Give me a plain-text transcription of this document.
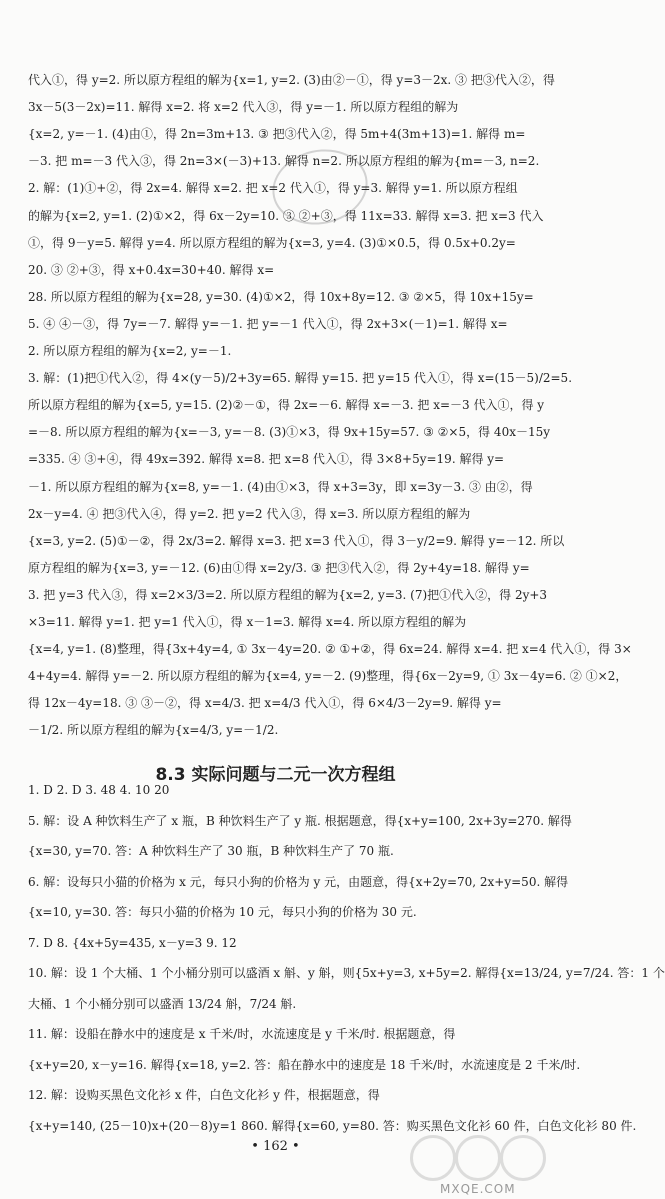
代入①，得 y=2. 所以原方程组的解为{x=1, y=2. (3)由②－①，得 y=3－2x. ③ 把③代入②，得
3x－5(3－2x)=11. 解得 x=2. 将 x=2 代入③，得 y=－1. 所以原方程组的解为
{x=2, y=－1. (4)由①，得 2n=3m+13. ③ 把③代入②，得 5m+4(3m+13)=1. 解得 m=
－3. 把 m=－3 代入③，得 2n=3×(－3)+13. 解得 n=2. 所以原方程组的解为{m=－3, n=2.
2. 解：(1)①+②，得 2x=4. 解得 x=2. 把 x=2 代入①，得 y=3. 解得 y=1. 所以原方程组
的解为{x=2, y=1. (2)①×2，得 6x－2y=10. ③ ②+③，得 11x=33. 解得 x=3. 把 x=3 代入
①，得 9－y=5. 解得 y=4. 所以原方程组的解为{x=3, y=4. (3)①×0.5，得 0.5x+0.2y=
20. ③ ②+③，得 x+0.4x=30+40. 解得 x=
28. 所以原方程组的解为{x=28, y=30. (4)①×2，得 10x+8y=12. ③ ②×5，得 10x+15y=
5. ④ ④－③，得 7y=－7. 解得 y=－1. 把 y=－1 代入①，得 2x+3×(－1)=1. 解得 x=
2. 所以原方程组的解为{x=2, y=－1.
3. 解：(1)把①代入②，得 4×(y－5)/2+3y=65. 解得 y=15. 把 y=15 代入①，得 x=(15－5)/2=5.
所以原方程组的解为{x=5, y=15. (2)②－①，得 2x=－6. 解得 x=－3. 把 x=－3 代入①，得 y
=－8. 所以原方程组的解为{x=－3, y=－8. (3)①×3，得 9x+15y=57. ③ ②×5，得 40x－15y
=335. ④ ③+④，得 49x=392. 解得 x=8. 把 x=8 代入①，得 3×8+5y=19. 解得 y=
－1. 所以原方程组的解为{x=8, y=－1. (4)由①×3，得 x+3=3y，即 x=3y－3. ③ 由②，得
2x－y=4. ④ 把③代入④，得 y=2. 把 y=2 代入③，得 x=3. 所以原方程组的解为
{x=3, y=2. (5)①－②，得 2x/3=2. 解得 x=3. 把 x=3 代入①，得 3－y/2=9. 解得 y=－12. 所以
原方程组的解为{x=3, y=－12. (6)由①得 x=2y/3. ③ 把③代入②，得 2y+4y=18. 解得 y=
3. 把 y=3 代入③，得 x=2×3/3=2. 所以原方程组的解为{x=2, y=3. (7)把①代入②，得 2y+3
×3=11. 解得 y=1. 把 y=1 代入①，得 x－1=3. 解得 x=4. 所以原方程组的解为
{x=4, y=1. (8)整理，得{3x+4y=4, ① 3x－4y=20. ② ①+②，得 6x=24. 解得 x=4. 把 x=4 代入①，得 3×
4+4y=4. 解得 y=－2. 所以原方程组的解为{x=4, y=－2. (9)整理，得{6x－2y=9, ① 3x－4y=6. ② ①×2，
得 12x－4y=18. ③ ③－②，得 x=4/3. 把 x=4/3 代入①，得 6×4/3－2y=9. 解得 y=
－1/2. 所以原方程组的解为{x=4/3, y=－1/2.
8.3 实际问题与二元一次方程组
1. D 2. D 3. 48 4. 10 20
5. 解：设 A 种饮料生产了 x 瓶，B 种饮料生产了 y 瓶. 根据题意，得{x+y=100, 2x+3y=270. 解得
{x=30, y=70. 答：A 种饮料生产了 30 瓶，B 种饮料生产了 70 瓶.
6. 解：设每只小猫的价格为 x 元，每只小狗的价格为 y 元，由题意，得{x+2y=70, 2x+y=50. 解得
{x=10, y=30. 答：每只小猫的价格为 10 元，每只小狗的价格为 30 元.
7. D 8. {4x+5y=435, x－y=3 9. 12
10. 解：设 1 个大桶、1 个小桶分别可以盛酒 x 斛、y 斛，则{5x+y=3, x+5y=2. 解得{x=13/24, y=7/24. 答：1 个
大桶、1 个小桶分别可以盛酒 13/24 斛，7/24 斛.
11. 解：设船在静水中的速度是 x 千米/时，水流速度是 y 千米/时. 根据题意，得
{x+y=20, x－y=16. 解得{x=18, y=2. 答：船在静水中的速度是 18 千米/时，水流速度是 2 千米/时.
12. 解：设购买黑色文化衫 x 件，白色文化衫 y 件，根据题意，得
{x+y=140, (25－10)x+(20－8)y=1 860. 解得{x=60, y=80. 答：购买黑色文化衫 60 件，白色文化衫 80 件.
• 162 •
MXQE.COM
